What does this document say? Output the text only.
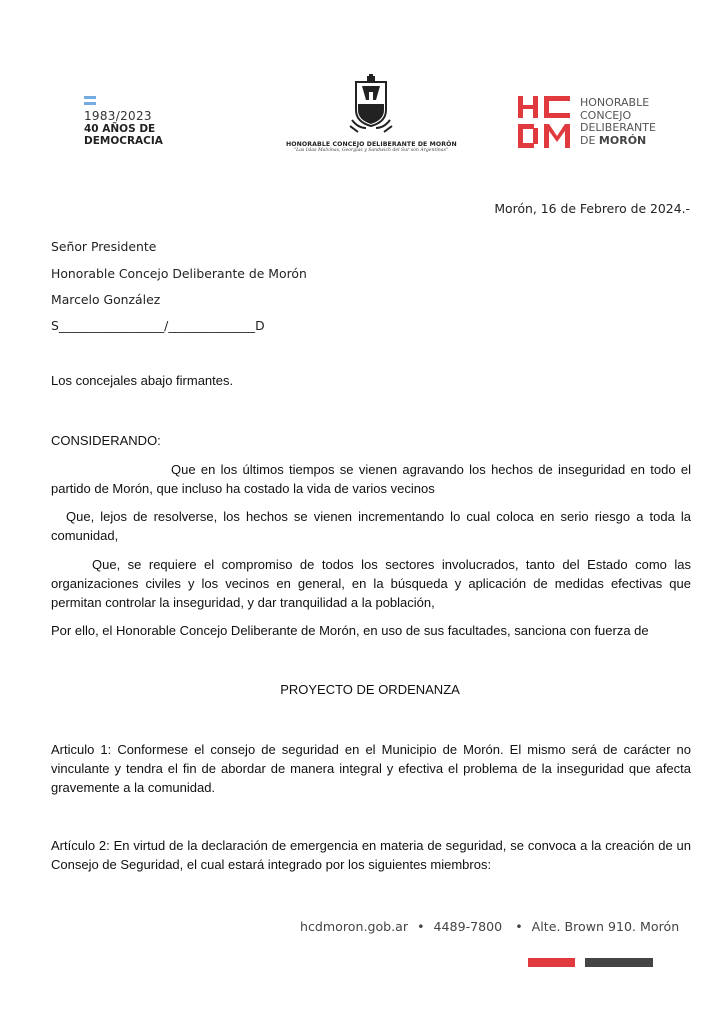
1983/2023
40 AÑOS DE
DEMOCRACIA	HONORABLE CONCEJO DELIBERANTE DE MORÓN
"Las Islas Malvinas, Georgias y Sandwich del Sur son Argentinas"
HONORABLE
CONCEJO
DELIBERANTE
DE MORÓN
Morón, 16 de Febrero de 2024.-
Señor Presidente
Honorable Concejo Deliberante de Morón
Marcelo González
S_________________/______________D
Los concejales abajo firmantes.
CONSIDERANDO:
Que en los últimos tiempos se vienen agravando los hechos de inseguridad en todo el partido de Morón, que incluso ha costado la vida de varios vecinos
Que, lejos de resolverse, los hechos se vienen incrementando lo cual coloca en serio riesgo a toda la comunidad,
Que, se requiere el compromiso de todos los sectores involucrados, tanto del Estado como las organizaciones civiles y los vecinos en general, en la búsqueda y aplicación de medidas efectivas que permitan controlar la inseguridad, y dar tranquilidad a la población,
Por ello, el Honorable Concejo Deliberante de Morón, en uso de sus facultades, sanciona con fuerza de
PROYECTO DE ORDENANZA
Articulo 1: Conformese el consejo de seguridad en el Municipio de Morón. El mismo será de carácter no vinculante y tendra el fin de abordar de manera integral y efectiva el problema de la inseguridad que afecta gravemente a la comunidad.
Artículo 2: En virtud de la declaración de emergencia en materia de seguridad, se convoca a la creación de un Consejo de Seguridad, el cual estará integrado por los siguientes miembros:
hcdmoron.gob.ar • 4489-7800 • Alte. Brown 910. Morón
